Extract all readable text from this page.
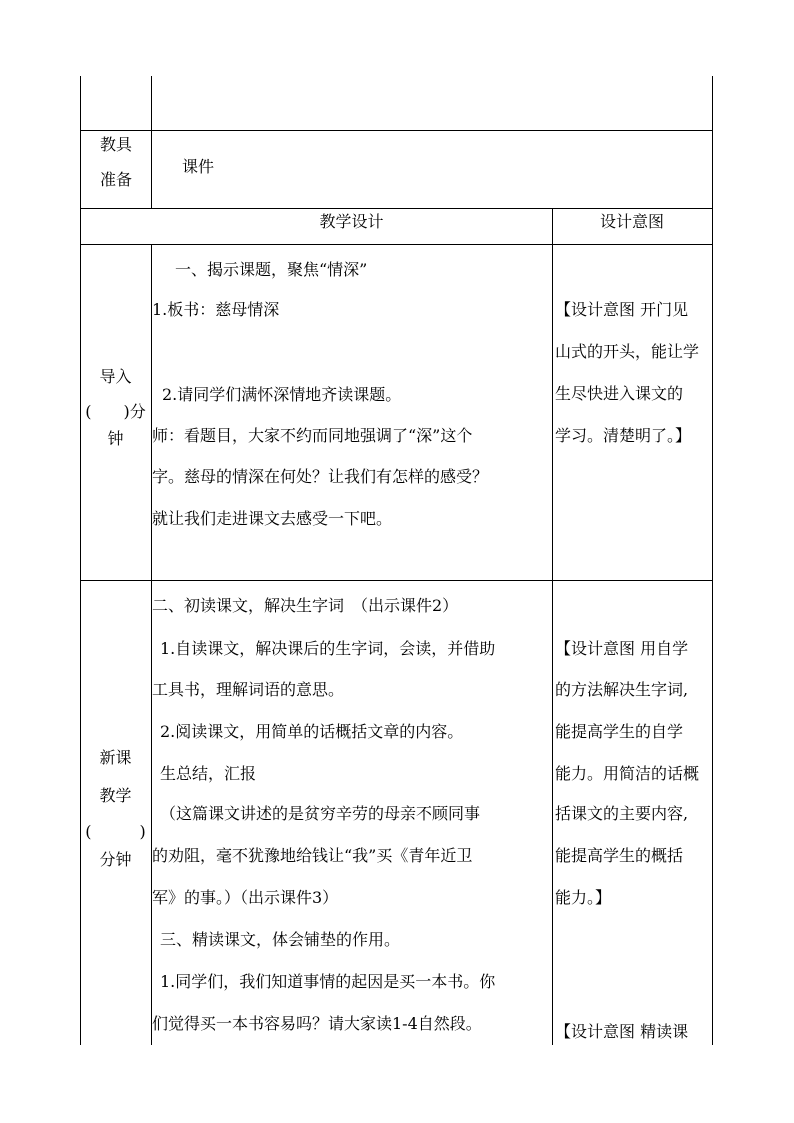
教具
准备
课件
教学设计	设计意图
导入
(　　)分
钟
一、揭示课题，聚焦“情深”
1.板书：慈母情深
2.请同学们满怀深情地齐读课题。
师：看题目，大家不约而同地强调了“深”这个
字。慈母的情深在何处？让我们有怎样的感受？
就让我们走进课文去感受一下吧。
【设计意图 开门见
山式的开头，能让学
生尽快进入课文的
学习。清楚明了。】
新课
教学
(　　　)
分钟
二、初读课文，解决生字词　（出示课件2）
1.自读课文，解决课后的生字词，会读，并借助
工具书，理解词语的意思。
2.阅读课文，用简单的话概括文章的内容。
生总结，汇报
（这篇课文讲述的是贫穷辛劳的母亲不顾同事
的劝阻，毫不犹豫地给钱让“我”买《青年近卫
军》的事。）（出示课件3）
三、精读课文，体会铺垫的作用。
1.同学们，我们知道事情的起因是买一本书。你
们觉得买一本书容易吗？请大家读1-4自然段。
【设计意图 用自学
的方法解决生字词,
能提高学生的自学
能力。用简洁的话概
括课文的主要内容,
能提高学生的概括
能力。】
【设计意图 精读课
